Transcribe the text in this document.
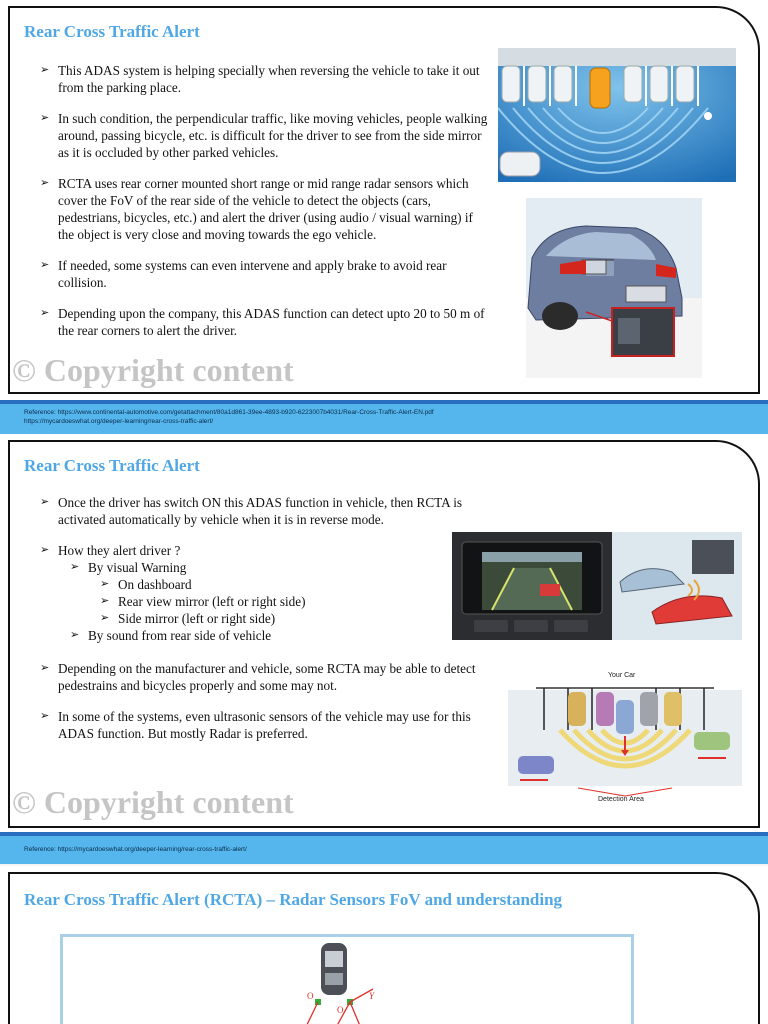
Rear Cross Traffic Alert
➢ This ADAS system is helping specially when reversing the vehicle to take it out from the parking place.
➢ In such condition, the perpendicular traffic, like moving vehicles, people walking around, passing bicycle, etc. is difficult for the driver to see from the side mirror as it is occluded by other parked vehicles.
➢ RCTA uses rear corner mounted short range or mid range radar sensors which cover the FoV of the rear side of the vehicle to detect the objects (cars, pedestrians, bicycles, etc.) and alert the driver (using audio / visual warning) if the object is very close and moving towards the ego vehicle.
➢ If needed, some systems can even intervene and apply brake to avoid rear collision.
➢ Depending upon the company, this ADAS function can detect upto 20 to 50 m of the rear corners to alert the driver.
© Copyright content
Reference: https://www.continental-automotive.com/getattachment/80a1d861-39ee-4893-b920-6223007b4031/Rear-Cross-Traffic-Alert-EN.pdf
https://mycardoeswhat.org/deeper-learning/rear-cross-traffic-alert/
Rear Cross Traffic Alert
➢ Once the driver has switch ON this ADAS function in vehicle, then RCTA is activated automatically by vehicle when it is in reverse mode.
➢ How they alert driver ?
➢ By visual Warning
➢ On dashboard
➢ Rear view mirror (left or right side)
➢ Side mirror (left or right side)
➢ By sound from rear side of vehicle
➢ Depending on the manufacturer and vehicle, some RCTA may be able to detect pedestrains and bicycles properly and some may not.
➢ In some of the systems, even ultrasonic sensors of the vehicle may use for this ADAS function. But mostly Radar is preferred.
Your Car
Detection Area
© Copyright content
Reference: https://mycardoeswhat.org/deeper-learning/rear-cross-traffic-alert/
Rear Cross Traffic Alert (RCTA) – Radar Sensors FoV and understanding
O	Y
O
